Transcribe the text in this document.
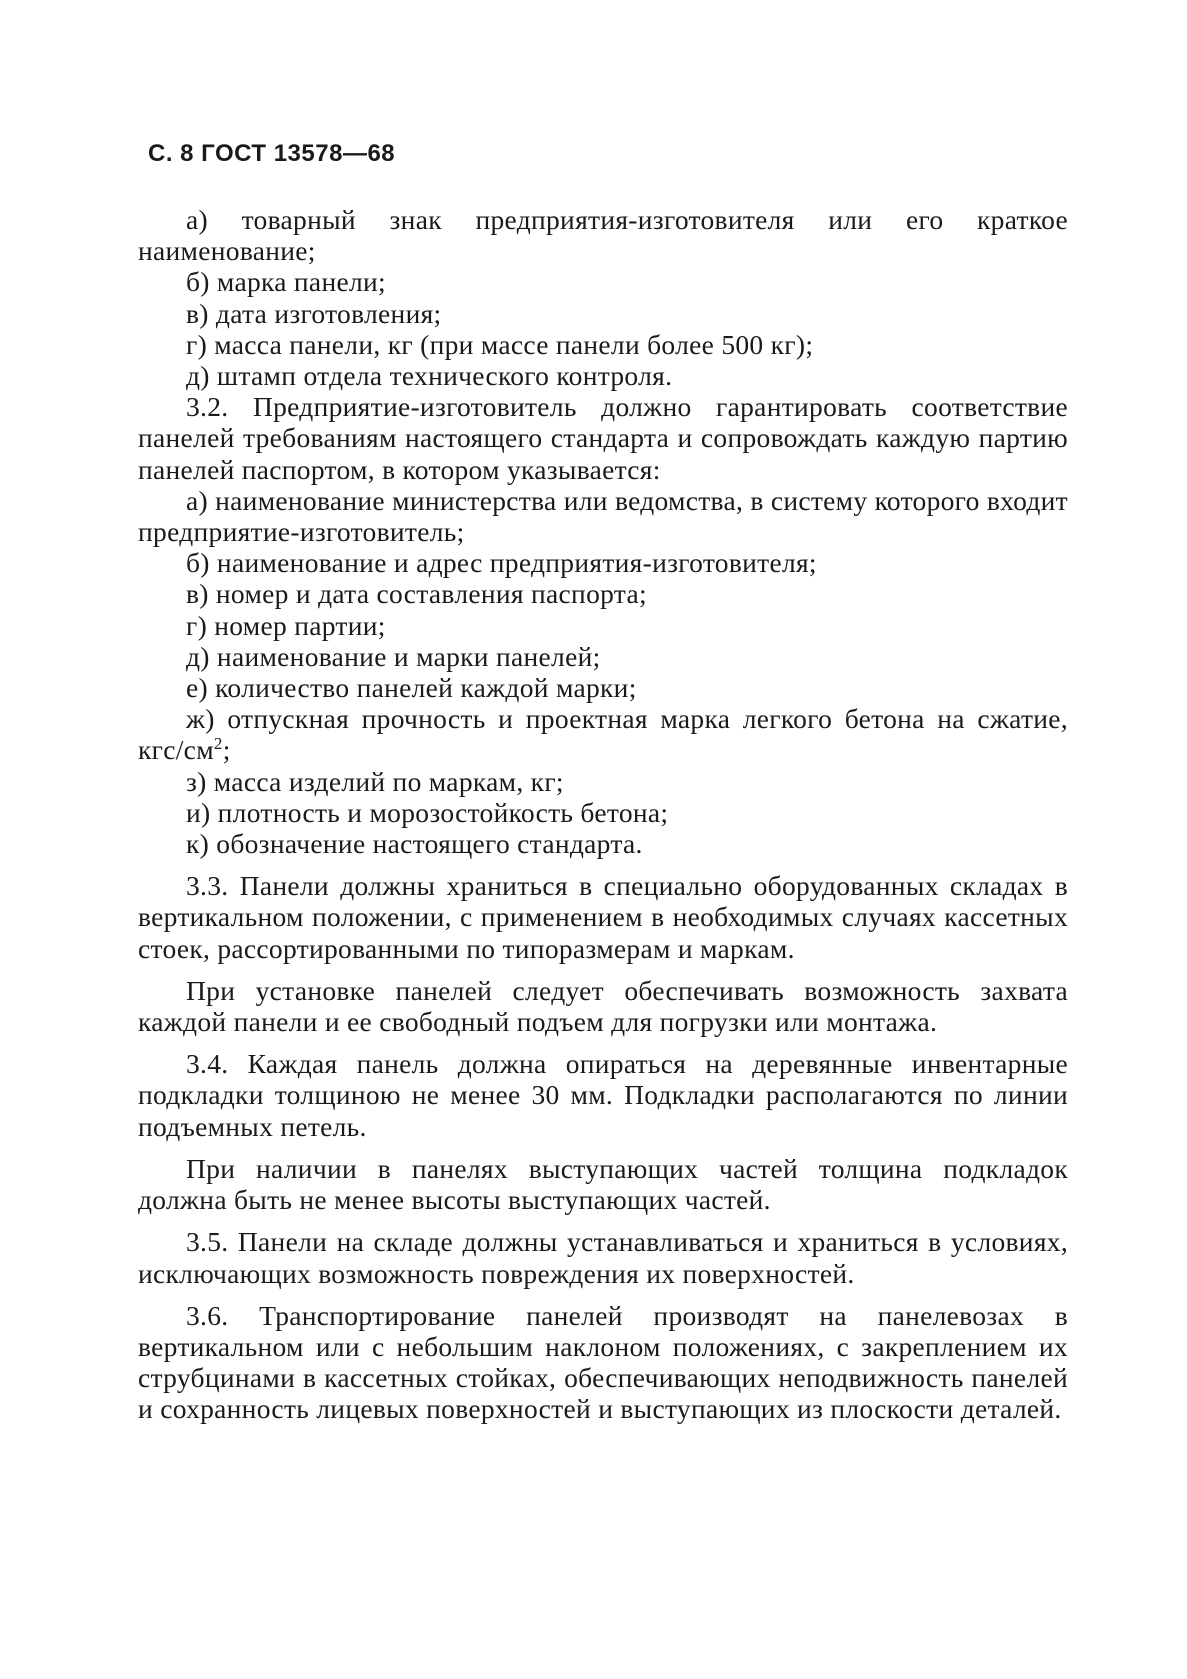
С. 8 ГОСТ 13578—68

а) товарный знак предприятия-изготовителя или его краткое наименование;

б) марка панели;

в) дата изготовления;

г) масса панели, кг (при массе панели более 500 кг);

д) штамп отдела технического контроля.

3.2. Предприятие-изготовитель должно гарантировать соответствие панелей требованиям настоящего стандарта и сопровождать каждую партию панелей паспортом, в котором указывается:

а) наименование министерства или ведомства, в систему которого входит предприятие-изготовитель;

б) наименование и адрес предприятия-изготовителя;

в) номер и дата составления паспорта;

г) номер партии;

д) наименование и марки панелей;

е) количество панелей каждой марки;

ж) отпускная прочность и проектная марка легкого бетона на сжатие, кгс/$см^2$;

з) масса изделий по маркам, кг;

и) плотность и морозостойкость бетона;

к) обозначение настоящего стандарта.

3.3. Панели должны храниться в специально оборудованных складах в вертикальном положении, с применением в необходимых случаях кассетных стоек, рассортированными по типоразмерам и маркам.

При установке панелей следует обеспечивать возможность захвата каждой панели и ее свободный подъем для погрузки или монтажа.

3.4. Каждая панель должна опираться на деревянные инвентарные подкладки толщиною не менее 30 мм. Подкладки располагаются по линии подъемных петель.

При наличии в панелях выступающих частей толщина подкладок должна быть не менее высоты выступающих частей.

3.5. Панели на складе должны устанавливаться и храниться в условиях, исключающих возможность повреждения их поверхностей.

3.6. Транспортирование панелей производят на панелевозах в вертикальном или с небольшим наклоном положениях, с закреплением их струбцинами в кассетных стойках, обеспечивающих неподвижность панелей и сохранность лицевых поверхностей и выступающих из плоскости деталей.
